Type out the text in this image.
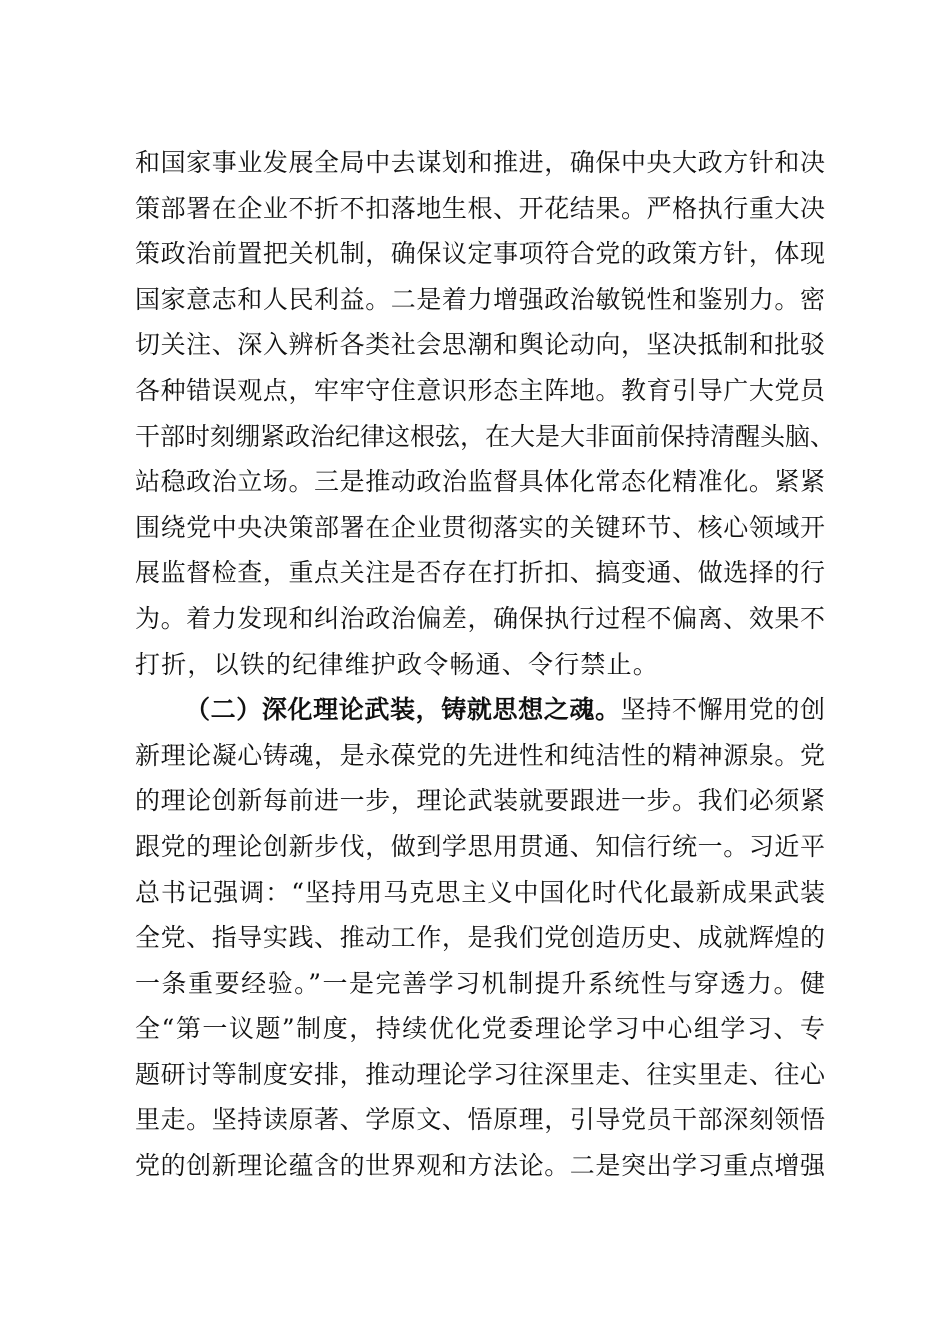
和国家事业发展全局中去谋划和推进，确保中央大政方针和决
策部署在企业不折不扣落地生根、开花结果。严格执行重大决
策政治前置把关机制，确保议定事项符合党的政策方针，体现
国家意志和人民利益。二是着力增强政治敏锐性和鉴别力。密
切关注、深入辨析各类社会思潮和舆论动向，坚决抵制和批驳
各种错误观点，牢牢守住意识形态主阵地。教育引导广大党员
干部时刻绷紧政治纪律这根弦，在大是大非面前保持清醒头脑、
站稳政治立场。三是推动政治监督具体化常态化精准化。紧紧
围绕党中央决策部署在企业贯彻落实的关键环节、核心领域开
展监督检查，重点关注是否存在打折扣、搞变通、做选择的行
为。着力发现和纠治政治偏差，确保执行过程不偏离、效果不
打折，以铁的纪律维护政令畅通、令行禁止。
（二）深化理论武装，铸就思想之魂。坚持不懈用党的创
新理论凝心铸魂，是永葆党的先进性和纯洁性的精神源泉。党
的理论创新每前进一步，理论武装就要跟进一步。我们必须紧
跟党的理论创新步伐，做到学思用贯通、知信行统一。习近平
总书记强调：“坚持用马克思主义中国化时代化最新成果武装
全党、指导实践、推动工作，是我们党创造历史、成就辉煌的
一条重要经验。”一是完善学习机制提升系统性与穿透力。健
全“第一议题”制度，持续优化党委理论学习中心组学习、专
题研讨等制度安排，推动理论学习往深里走、往实里走、往心
里走。坚持读原著、学原文、悟原理，引导党员干部深刻领悟
党的创新理论蕴含的世界观和方法论。二是突出学习重点增强
